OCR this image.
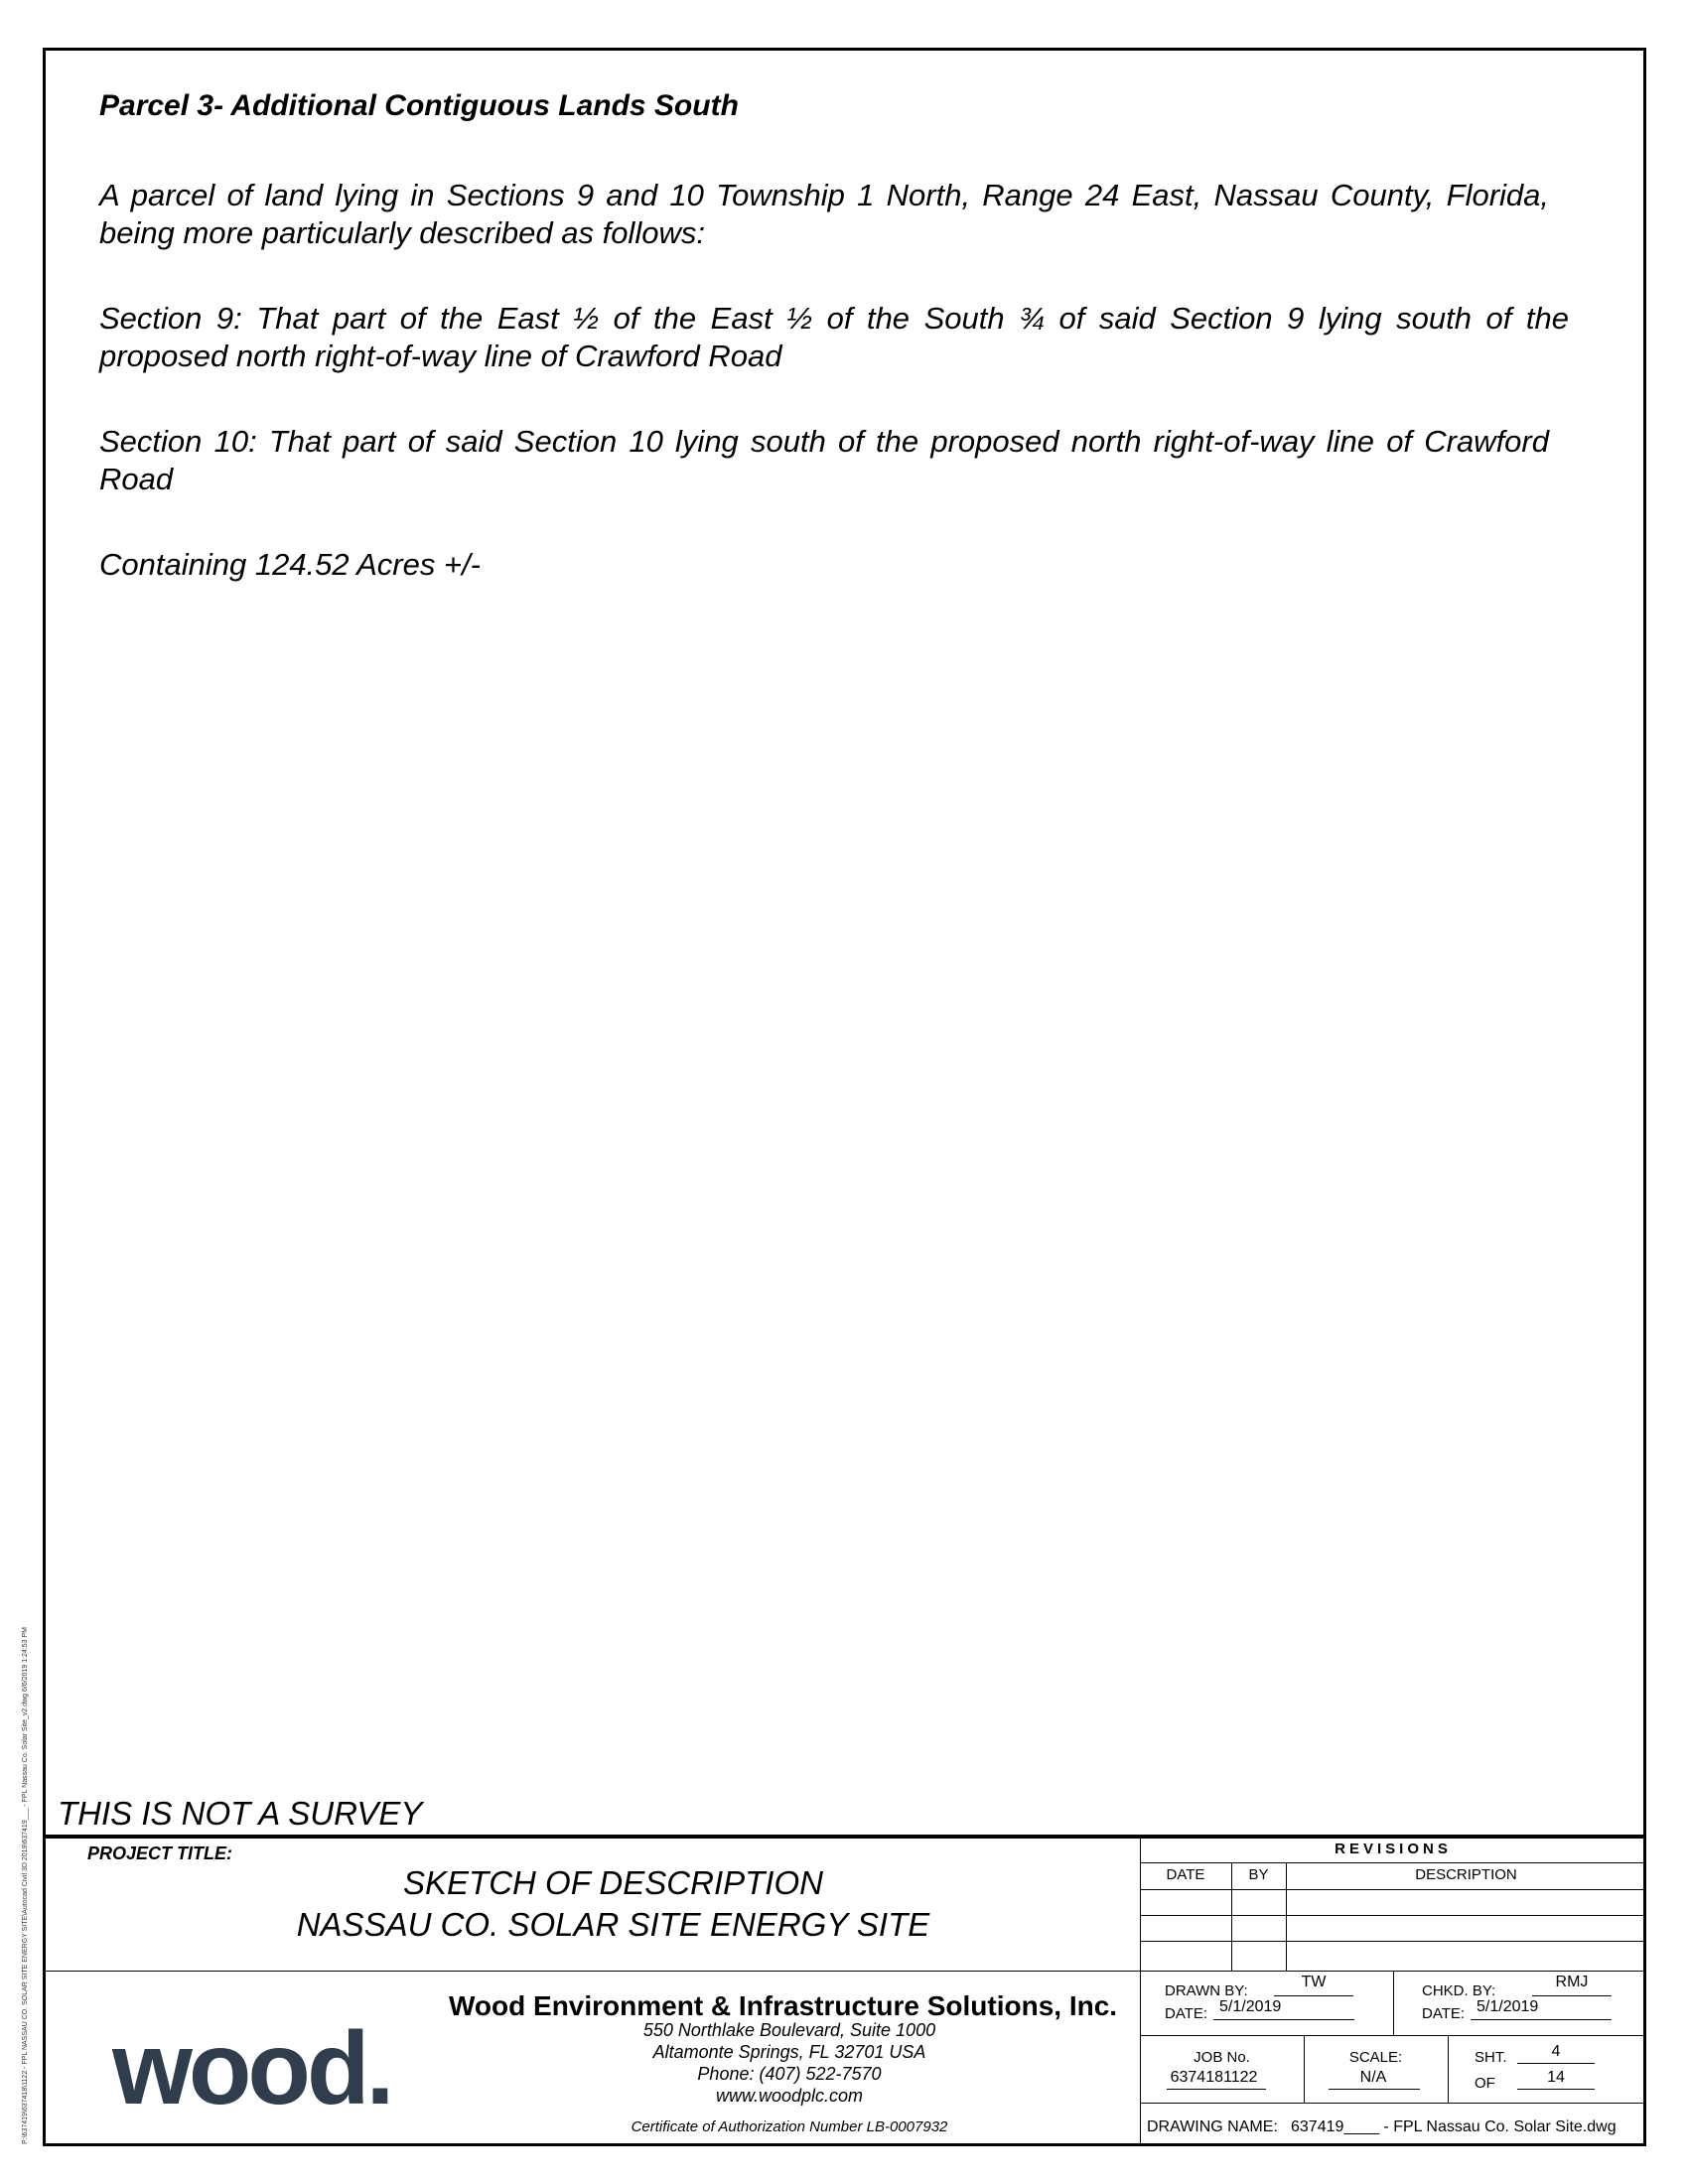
Parcel 3- Additional Contiguous Lands South

A parcel of land lying in Sections 9 and 10 Township 1 North, Range 24 East, Nassau County, Florida, being more particularly described as follows:

Section 9: That part of the East ½ of the East ½ of the South ¾ of said Section 9 lying south of the proposed north right-of-way line of Crawford Road

Section 10: That part of said Section 10 lying south of the proposed north right-of-way line of Crawford Road

Containing 124.52 Acres +/-

P:\637419\637418\1122 - FPL NASSAU CO. SOLAR SITE ENERGY SITE\Autocad Civil 3D 2019\637419___ - FPL Nassau Co. Solar Site_v2.dwg 6/6/2019 1:24:53 PM THIS IS NOT A SURVEY
PROJECT TITLE:
SKETCH OF DESCRIPTION
NASSAU CO. SOLAR SITE ENERGY SITE
REVISIONS
DATE	BY	DESCRIPTION
wood.
Wood Environment & Infrastructure Solutions, Inc.
550 Northlake Boulevard, Suite 1000
Altamonte Springs, FL 32701 USA
Phone: (407) 522-7570
www.woodplc.com
Certificate of Authorization Number LB-0007932
DRAWN BY:
TW
DATE: 5/1/2019
CHKD. BY:
RMJ
DATE: 5/1/2019
JOB No.
6374181122
SCALE:
N/A
SHT.	4
OF	14
DRAWING NAME: 637419____ - FPL Nassau Co. Solar Site.dwg
